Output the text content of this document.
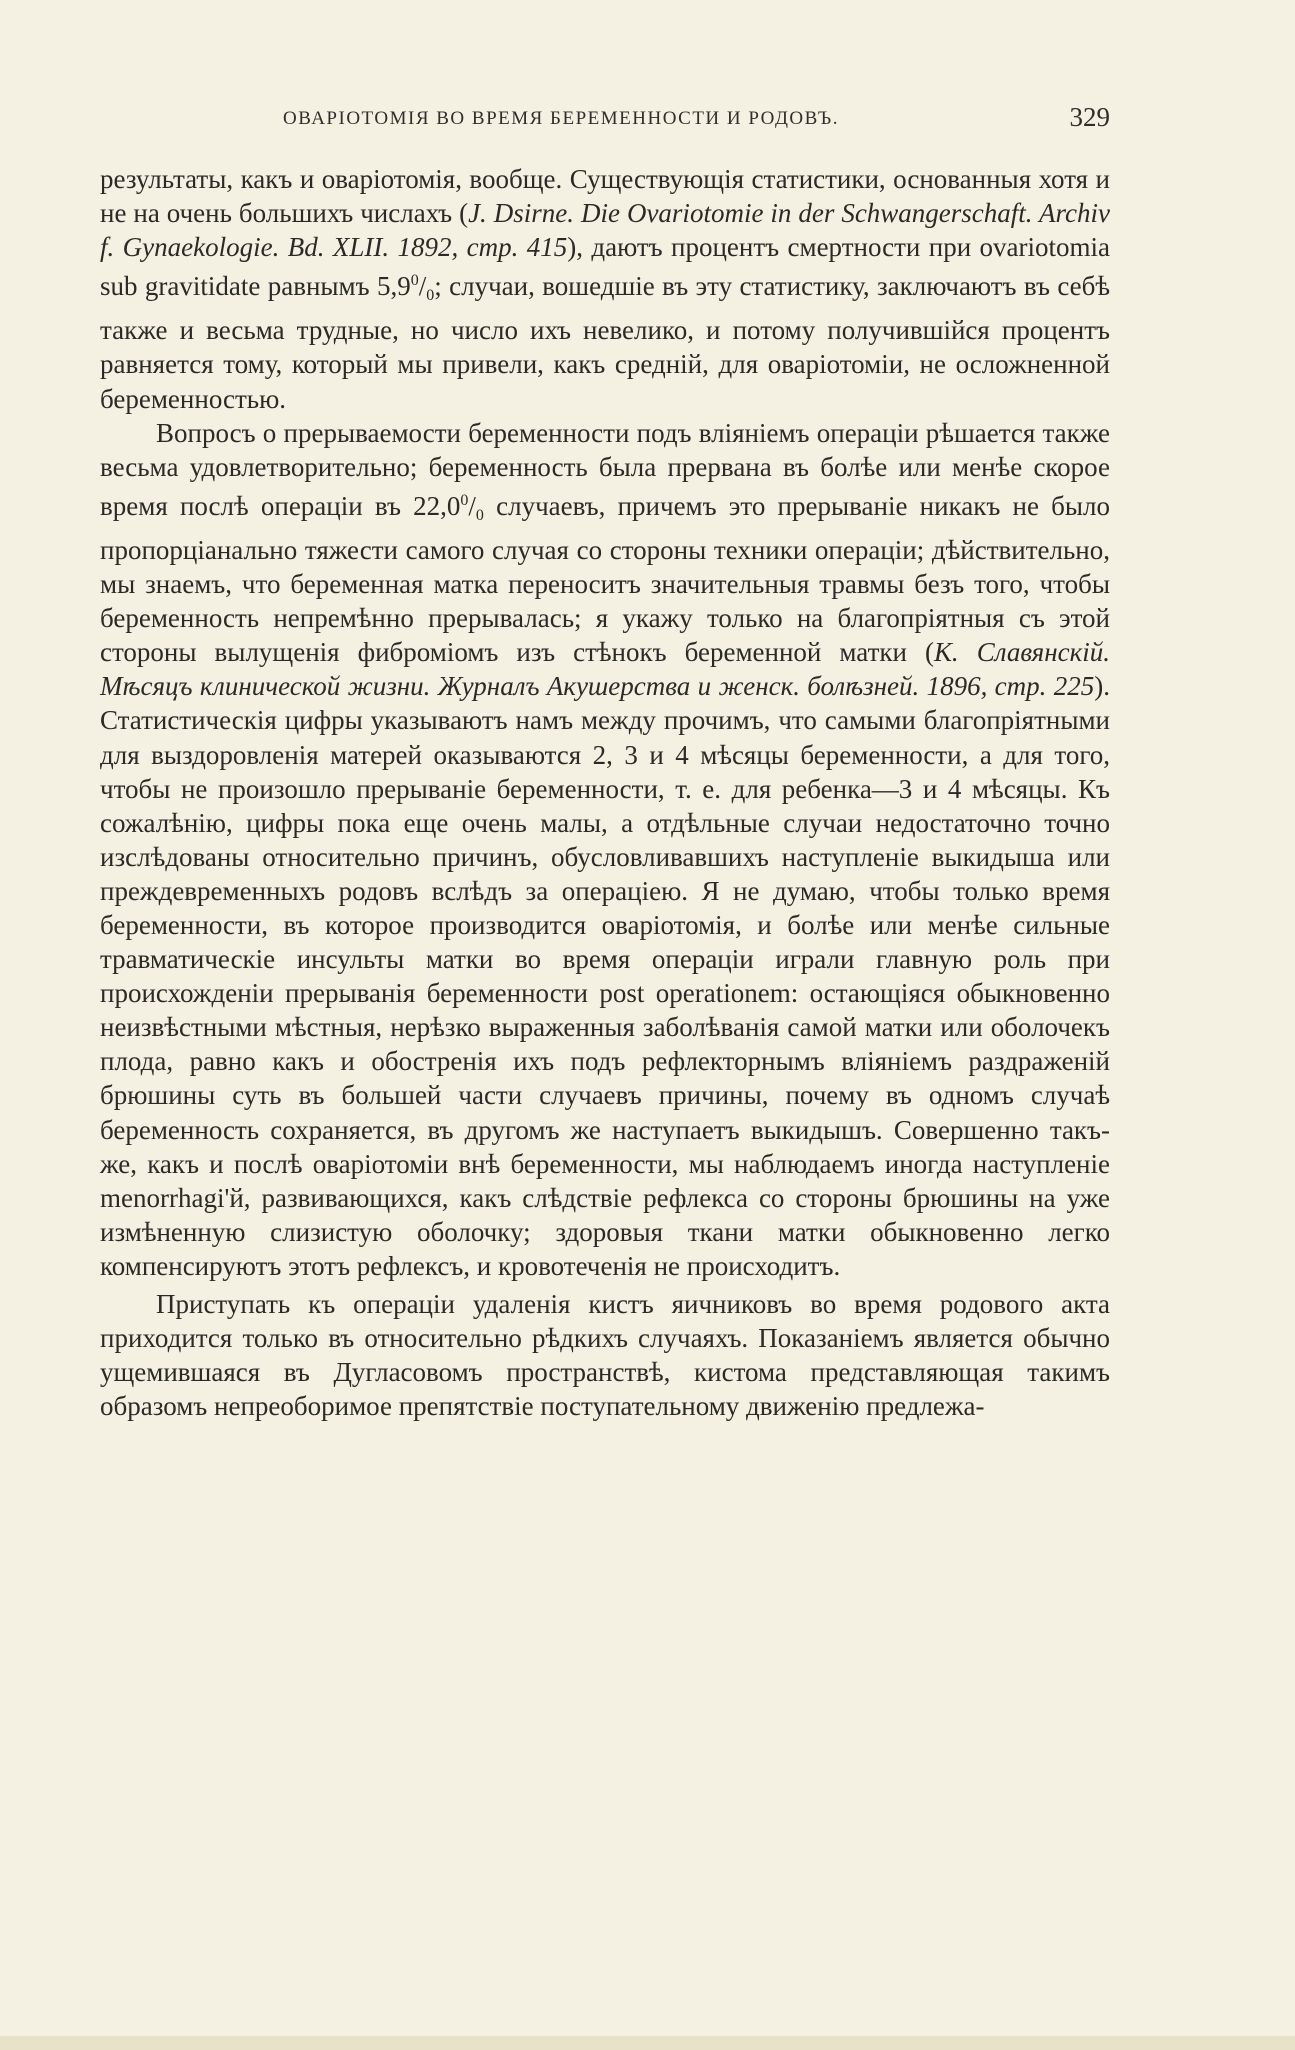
ОВАРІОТОМІЯ ВО ВРЕМЯ БЕРЕМЕННОСТИ И РОДОВЪ.	329

результаты, какъ и оваріотомія, вообще. Существующія статистики, основанныя хотя и не на очень большихъ числахъ (J. Dsirne. Die Ovariotomie in der Schwangerschaft. Archiv f. Gynaekologie. Bd. XLII. 1892, стр. 415), даютъ процентъ смертности при ovariotomia sub gravitidate равнымъ $5,9^0/_0$; случаи, вошедшіе въ эту статистику, заключаютъ въ себѣ также и весьма трудные, но число ихъ невелико, и потому получившійся процентъ равняется тому, который мы привели, какъ средній, для оваріотоміи, не осложненной беременностью.

Вопросъ о прерываемости беременности подъ вліяніемъ операціи рѣшается также весьма удовлетворительно; беременность была прервана въ болѣе или менѣе скорое время послѣ операціи въ $22,0^0/_0$ случаевъ, причемъ это прерываніе никакъ не было пропорціанально тяжести самого случая со стороны техники операціи; дѣйствительно, мы знаемъ, что беременная матка переноситъ значительныя травмы безъ того, чтобы беременность непремѣнно прерывалась; я укажу только на благопріятныя съ этой стороны вылущенія фиброміомъ изъ стѣнокъ беременной матки (К. Славянскій. Мѣсяцъ клинической жизни. Журналъ Акушерства и женск. болѣзней. 1896, стр. 225). Статистическія цифры указываютъ намъ между прочимъ, что самыми благопріятными для выздоровленія матерей оказываются 2, 3 и 4 мѣсяцы беременности, а для того, чтобы не произошло прерываніе беременности, т. е. для ребенка—3 и 4 мѣсяцы. Къ сожалѣнію, цифры пока еще очень малы, а отдѣльные случаи недостаточно точно изслѣдованы относительно причинъ, обусловливавшихъ наступленіе выкидыша или преждевременныхъ родовъ вслѣдъ за операціею. Я не думаю, чтобы только время беременности, въ которое производится оваріотомія, и болѣе или менѣе сильные травматическіе инсульты матки во время операціи играли главную роль при происхожденіи прерыванія беременности post operationem: остающіяся обыкновенно неизвѣстными мѣстныя, нерѣзко выраженныя заболѣванія самой матки или оболочекъ плода, равно какъ и обостренія ихъ подъ рефлекторнымъ вліяніемъ раздраженій брюшины суть въ большей части случаевъ причины, почему въ одномъ случаѣ беременность сохраняется, въ другомъ же наступаетъ выкидышъ. Совершенно такъ-же, какъ и послѣ оваріотоміи внѣ беременности, мы наблюдаемъ иногда наступленіе menorrhagi'й, развивающихся, какъ слѣдствіе рефлекса со стороны брюшины на уже измѣненную слизистую оболочку; здоровыя ткани матки обыкновенно легко компенсируютъ этотъ рефлексъ, и кровотеченія не происходитъ.

Приступать къ операціи удаленія кистъ яичниковъ во время родового акта приходится только въ относительно рѣдкихъ случаяхъ. Показаніемъ является обычно ущемившаяся въ Дугласовомъ пространствѣ, кистома представляющая такимъ образомъ непреоборимое препятствіе поступательному движенію предлежа-
